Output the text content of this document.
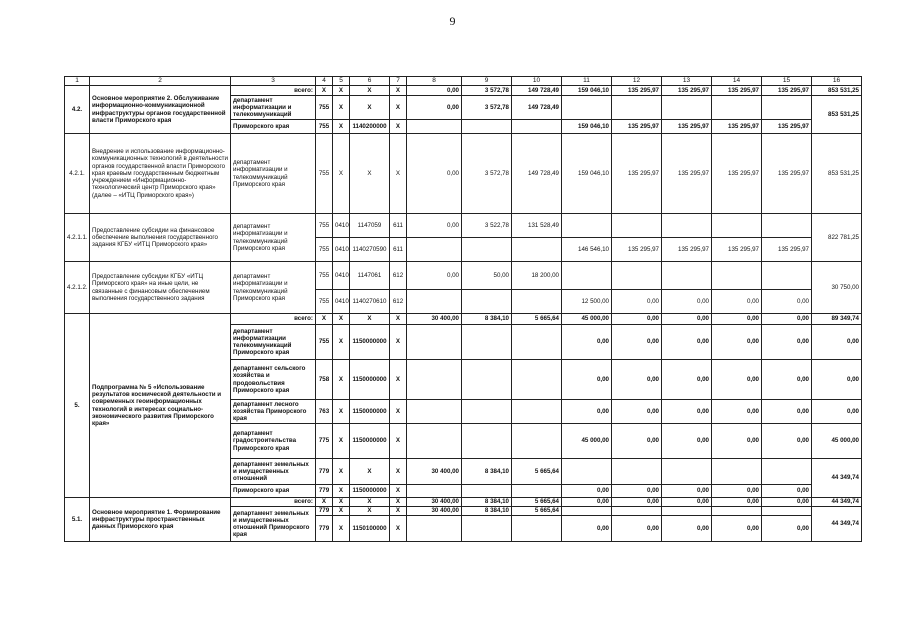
9
1	2	3	4	5	6	7	8	9	10	11	12	13	14	15	16
4.2.	Основное мероприятие 2. Обслуживание информационно-коммуникационной инфраструктуры органов государственной власти Приморского края	всего:	X	X	X	X	0,00	3 572,78	149 728,49	159 046,10	135 295,97	135 295,97	135 295,97	135 295,97	853 531,25
		департамент информатизации и телекоммуникаций	755	X	X	X	0,00	3 572,78	149 728,49						853 531,25
		Приморского края	755	X	1140200000	X				159 046,10	135 295,97	135 295,97	135 295,97	135 295,97	
4.2.1.	Внедрение и использование информационно-коммуникационных технологий в деятельности органов государственной власти Приморского края краевым государственным бюджетным учреждением «Информационно-технологический центр Приморского края» (далее – «ИТЦ Приморского края»)	департамент информатизации и телекоммуникаций Приморского края	755	X	X	X	0,00	3 572,78	149 728,49	159 046,10	135 295,97	135 295,97	135 295,97	135 295,97	853 531,25
4.2.1.1.	Предоставление субсидии на финансовое обеспечение выполнения государственного задания КГБУ «ИТЦ Приморского края»	департамент информатизации и телекоммуникаций Приморского края	755	0410	1147059	611	0,00	3 522,78	131 528,49						822 781,25
			755	0410	1140270590	611				146 546,10	135 295,97	135 295,97	135 295,97	135 295,97	
4.2.1.2.	Предоставление субсидии КГБУ «ИТЦ Приморского края» на иные цели, не связанные с финансовым обеспечением выполнения государственного задания	департамент информатизации и телекоммуникаций Приморского края	755	0410	1147061	612	0,00	50,00	18 200,00						30 750,00
			755	0410	1140270610	612				12 500,00	0,00	0,00	0,00	0,00	
5.	Подпрограмма № 5 «Использование результатов космической деятельности и современных геоинформационных технологий в интересах социально-экономического развития Приморского края»	всего:	X	X	X	X	30 400,00	8 384,10	5 665,64	45 000,00	0,00	0,00	0,00	0,00	89 349,74
		департамент информатизации телекоммуникаций Приморского края	755	X	1150000000	X				0,00	0,00	0,00	0,00	0,00	0,00
		департамент сельского хозяйства и продовольствия Приморского края	758	X	1150000000	X				0,00	0,00	0,00	0,00	0,00	0,00
		департамент лесного хозяйства Приморского края	763	X	1150000000	X				0,00	0,00	0,00	0,00	0,00	0,00
		департамент градостроительства Приморского края	775	X	1150000000	X				45 000,00	0,00	0,00	0,00	0,00	45 000,00
		департамент земельных и имущественных отношений	779	X	X	X	30 400,00	8 384,10	5 665,64						44 349,74
		Приморского края	779	X	1150000000	X				0,00	0,00	0,00	0,00	0,00	
5.1.	Основное мероприятие 1. Формирование инфраструктуры пространственных данных Приморского края	всего:	X	X	X	X	30 400,00	8 384,10	5 665,64	0,00	0,00	0,00	0,00	0,00	44 349,74
		департамент земельных и имущественных отношений Приморского края	779	X	X	X	30 400,00	8 384,10	5 665,64						44 349,74
			779	X	1150100000	X				0,00	0,00	0,00	0,00	0,00	
